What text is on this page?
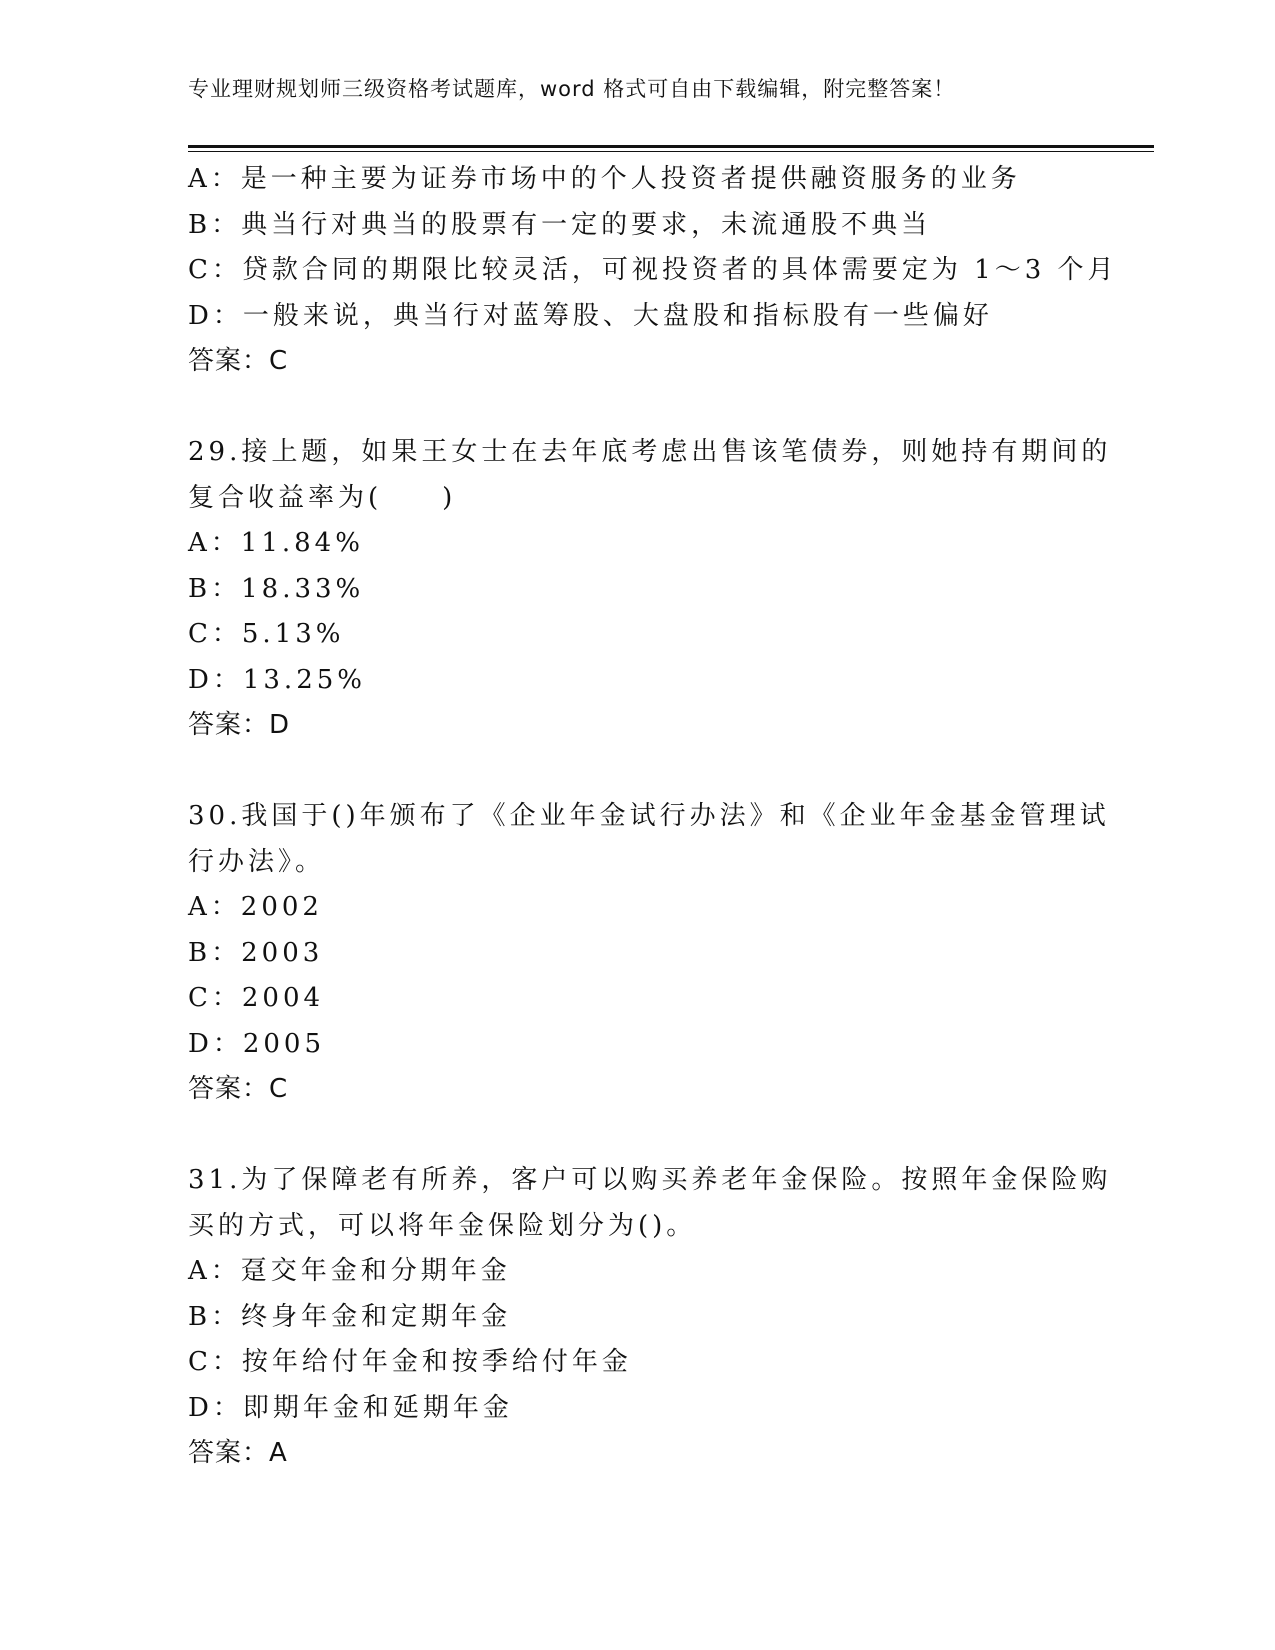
专业理财规划师三级资格考试题库，word 格式可自由下载编辑，附完整答案！
A：是一种主要为证券市场中的个人投资者提供融资服务的业务
B：典当行对典当的股票有一定的要求，未流通股不典当
C：贷款合同的期限比较灵活，可视投资者的具体需要定为 1～3 个月
D：一般来说，典当行对蓝筹股、大盘股和指标股有一些偏好
答案：C
29.接上题，如果王女士在去年底考虑出售该笔债券，则她持有期间的
复合收益率为(　　)
A：11.84%
B：18.33%
C：5.13%
D：13.25%
答案：D
30.我国于()年颁布了《企业年金试行办法》和《企业年金基金管理试
行办法》。
A：2002
B：2003
C：2004
D：2005
答案：C
31.为了保障老有所养，客户可以购买养老年金保险。按照年金保险购
买的方式，可以将年金保险划分为()。
A：趸交年金和分期年金
B：终身年金和定期年金
C：按年给付年金和按季给付年金
D：即期年金和延期年金
答案：A
